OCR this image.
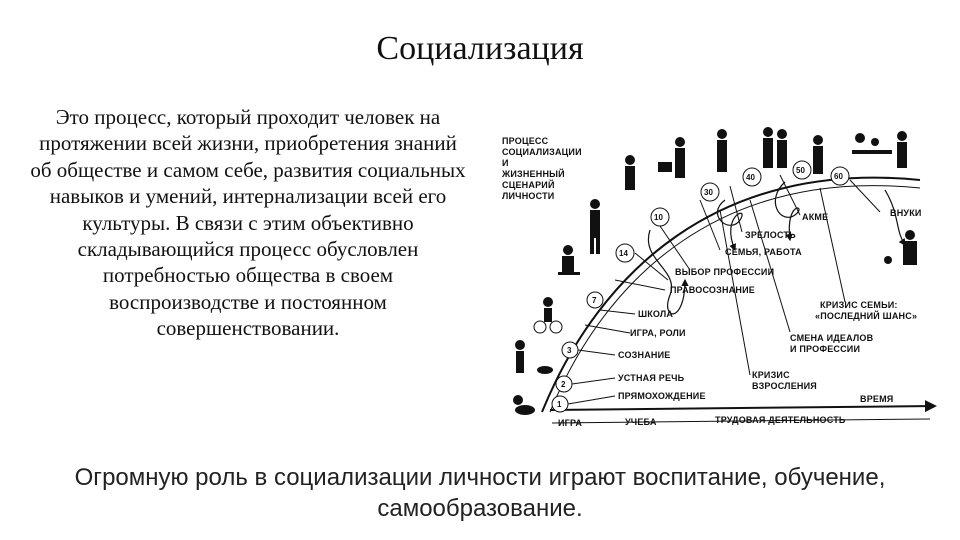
Социализация
Это процесс, который проходит человек на протяжении всей жизни, приобретения знаний об обществе и самом себе, развития социальных навыков и умений, интернализации всей его культуры. В связи с этим объективно складывающийся процесс обусловлен потребностью общества в своем воспроизводстве и постоянном совершенствовании.
ПРОЦЕСС
СОЦИАЛИЗАЦИИ
И
ЖИЗНЕННЫЙ
СЦЕНАРИЙ
ЛИЧНОСТИ
ВРЕМЯ
ИГРА	УЧЕБА	ТРУДОВАЯ ДЕЯТЕЛЬНОСТЬ
1
2
3
7
14
10
30
40
50
60
ПРЯМОХОЖДЕНИЕ
УСТНАЯ РЕЧЬ
СОЗНАНИЕ
ИГРА, РОЛИ
ШКОЛА
ПРАВОСОЗНАНИЕ
ВЫБОР ПРОФЕССИИ
СЕМЬЯ, РАБОТА
ЗРЕЛОСТЬ
АКМЕ	ВНУКИ
КРИЗИС
ВЗРОСЛЕНИЯ
СМЕНА ИДЕАЛОВ
И ПРОФЕССИИ
КРИЗИС СЕМЬИ:
«ПОСЛЕДНИЙ ШАНС»
Огромную роль в социализации личности играют воспитание, обучение, самообразование.
